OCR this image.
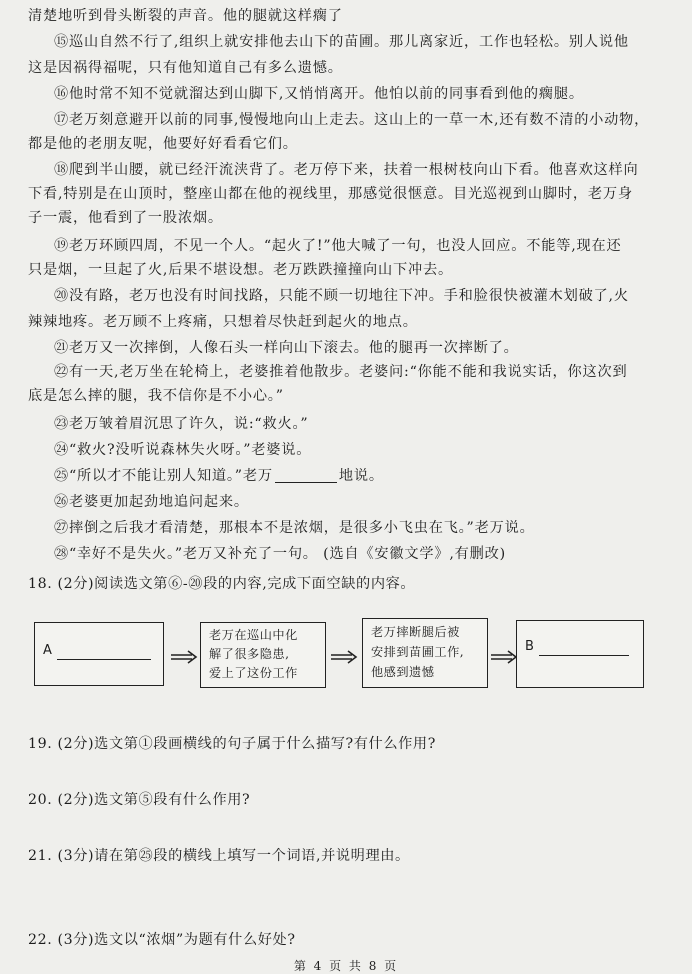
清楚地听到骨头断裂的声音。他的腿就这样瘸了
⑮巡山自然不行了,组织上就安排他去山下的苗圃。那儿离家近，工作也轻松。别人说他
这是因祸得福呢，只有他知道自己有多么遗憾。
⑯他时常不知不觉就溜达到山脚下,又悄悄离开。他怕以前的同事看到他的瘸腿。
⑰老万刻意避开以前的同事,慢慢地向山上走去。这山上的一草一木,还有数不清的小动物，
都是他的老朋友呢，他要好好看看它们。
⑱爬到半山腰，就已经汗流浃背了。老万停下来，扶着一根树枝向山下看。他喜欢这样向
下看,特别是在山顶时，整座山都在他的视线里，那感觉很惬意。目光巡视到山脚时，老万身
子一震，他看到了一股浓烟。
⑲老万环顾四周，不见一个人。“起火了!”他大喊了一句，也没人回应。不能等,现在还
只是烟，一旦起了火,后果不堪设想。老万跌跌撞撞向山下冲去。
⑳没有路，老万也没有时间找路，只能不顾一切地往下冲。手和脸很快被灌木划破了,火
辣辣地疼。老万顾不上疼痛，只想着尽快赶到起火的地点。
㉑老万又一次摔倒，人像石头一样向山下滚去。他的腿再一次摔断了。
㉒有一天,老万坐在轮椅上，老婆推着他散步。老婆问:“你能不能和我说实话，你这次到
底是怎么摔的腿，我不信你是不小心。”
㉓老万皱着眉沉思了许久，说:“救火。”
㉔“救火?没听说森林失火呀。”老婆说。
㉕“所以才不能让别人知道。”老万	地说。
㉖老婆更加起劲地追问起来。
㉗摔倒之后我才看清楚，那根本不是浓烟，是很多小飞虫在飞。”老万说。
㉘“幸好不是失火。”老万又补充了一句。 (选自《安徽文学》,有删改)
18. (2分)阅读选文第⑥-⑳段的内容,完成下面空缺的内容。
A
老万在巡山中化
解了很多隐患,
爱上了这份工作
老万摔断腿后被
安排到苗圃工作,
他感到遗憾
B
19. (2分)选文第①段画横线的句子属于什么描写?有什么作用?
20. (2分)选文第⑤段有什么作用?
21. (3分)请在第㉕段的横线上填写一个词语,并说明理由。
22. (3分)选文以“浓烟”为题有什么好处?
第 4 页 共 8 页
